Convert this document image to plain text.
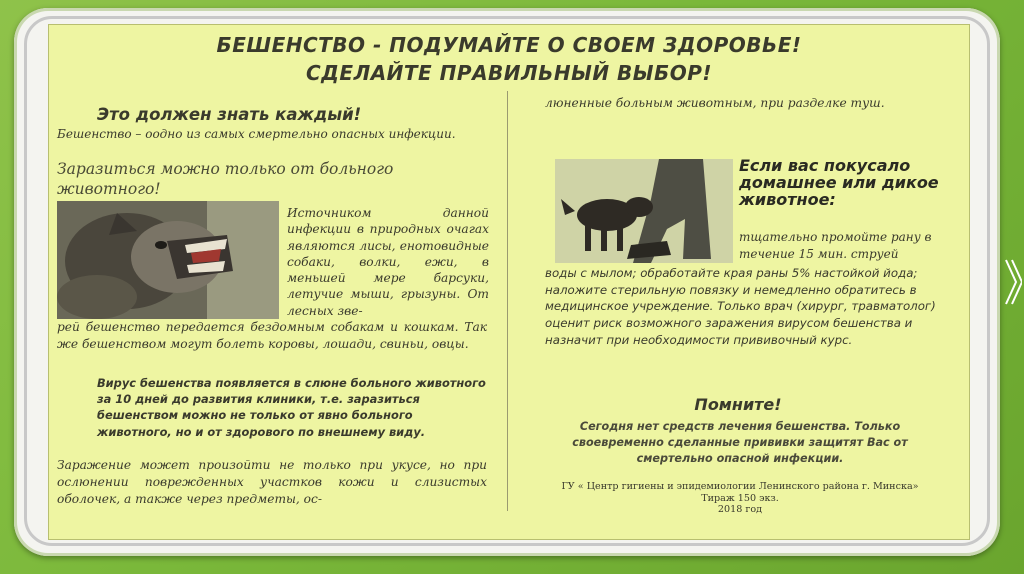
БЕШЕНСТВО - ПОДУМАЙТЕ О СВОЕМ ЗДОРОВЬЕ!
СДЕЛАЙТЕ ПРАВИЛЬНЫЙ ВЫБОР!
Это должен знать каждый!
Бешенство – оодно из самых смертельно опасных инфекции.
Заразиться можно только от больного животного!
Источником данной инфекции в природных очагах являются лисы, енотовидные собаки, волки, ежи, в меньшей мере барсуки, летучие мыши, грызуны. От лесных зве-
рей бешенство передается бездомным собакам и кошкам. Так же бешенством могут болеть коровы, лошади, свиньи, овцы.
Вирус бешенства появляется в слюне больного животного за 10 дней до развития клиники, т.е. заразиться бешенством можно не только от явно больного животного, но и от здорового по внешнему виду.
Заражение может произойти не только при укусе, но при ослюнении поврежденных участков кожи и слизистых оболочек, а также через предметы, ос-
люненные больным животным, при разделке туш.
Если вас покусало домашнее или дикое животное:
тщательно промойте рану в течение 15 мин. струей
воды с мылом; обработайте края раны 5% настойкой йода; наложите стерильную повязку и немедленно обратитесь в медицинское учреждение. Только врач (хирург, травматолог) оценит риск возможного заражения вирусом бешенства и назначит при необходимости прививочный курс.
Помните!
Сегодня нет средств лечения бешенства. Только своевременно сделанные прививки защитят Вас от смертельно опасной инфекции.
ГУ « Центр гигиены и эпидемиологии Ленинского района г. Минска»
Тираж 150 экз.
2018 год
